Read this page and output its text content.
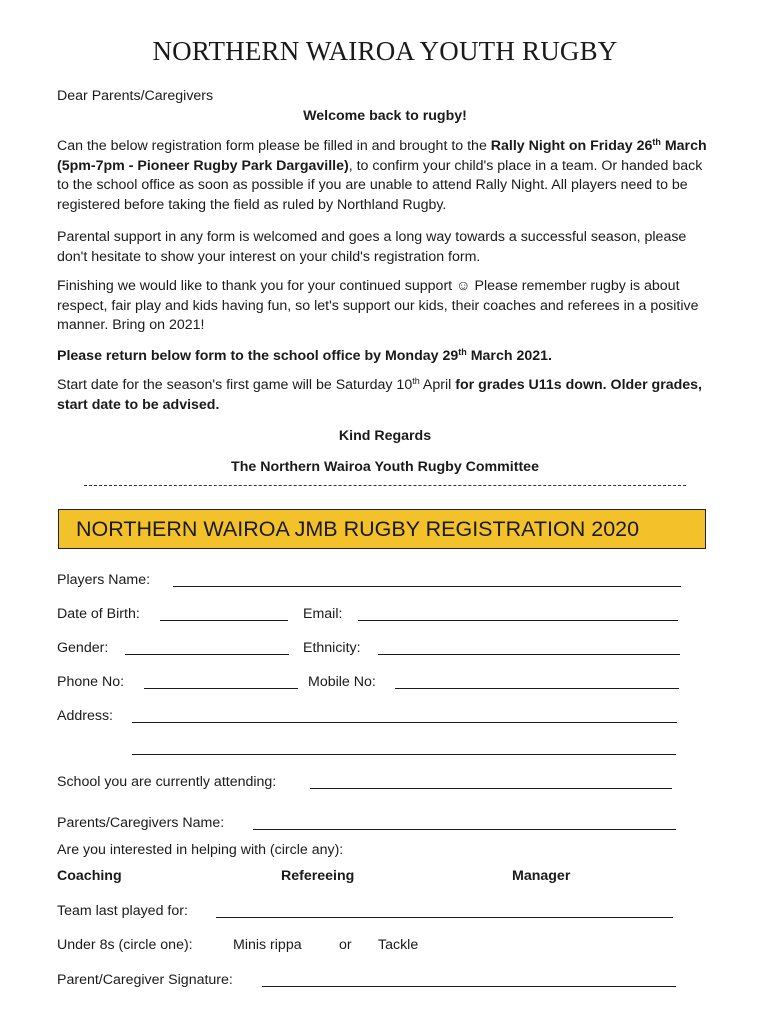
NORTHERN WAIROA YOUTH RUGBY

Dear Parents/Caregivers

Welcome back to rugby!

Can the below registration form please be filled in and brought to the Rally Night on Friday 26th March (5pm-7pm - Pioneer Rugby Park Dargaville), to confirm your child's place in a team. Or handed back to the school office as soon as possible if you are unable to attend Rally Night. All players need to be registered before taking the field as ruled by Northland Rugby.

Parental support in any form is welcomed and goes a long way towards a successful season, please don't hesitate to show your interest on your child's registration form.

Finishing we would like to thank you for your continued support ☺ Please remember rugby is about respect, fair play and kids having fun, so let's support our kids, their coaches and referees in a positive manner. Bring on 2021!

Please return below form to the school office by Monday 29th March 2021.

Start date for the season's first game will be Saturday 10th April for grades U11s down. Older grades, start date to be advised.

Kind Regards

The Northern Wairoa Youth Rugby Committee

NORTHERN WAIROA JMB RUGBY REGISTRATION 2020
Players Name:
Date of Birth:	Email:
Gender:	Ethnicity:
Phone No:	Mobile No:
Address:
School you are currently attending:
Parents/Caregivers Name:
Are you interested in helping with (circle any):
Coaching	Refereeing	Manager
Team last played for:
Under 8s (circle one):	Minis rippa	or Tackle
Parent/Caregiver Signature:
